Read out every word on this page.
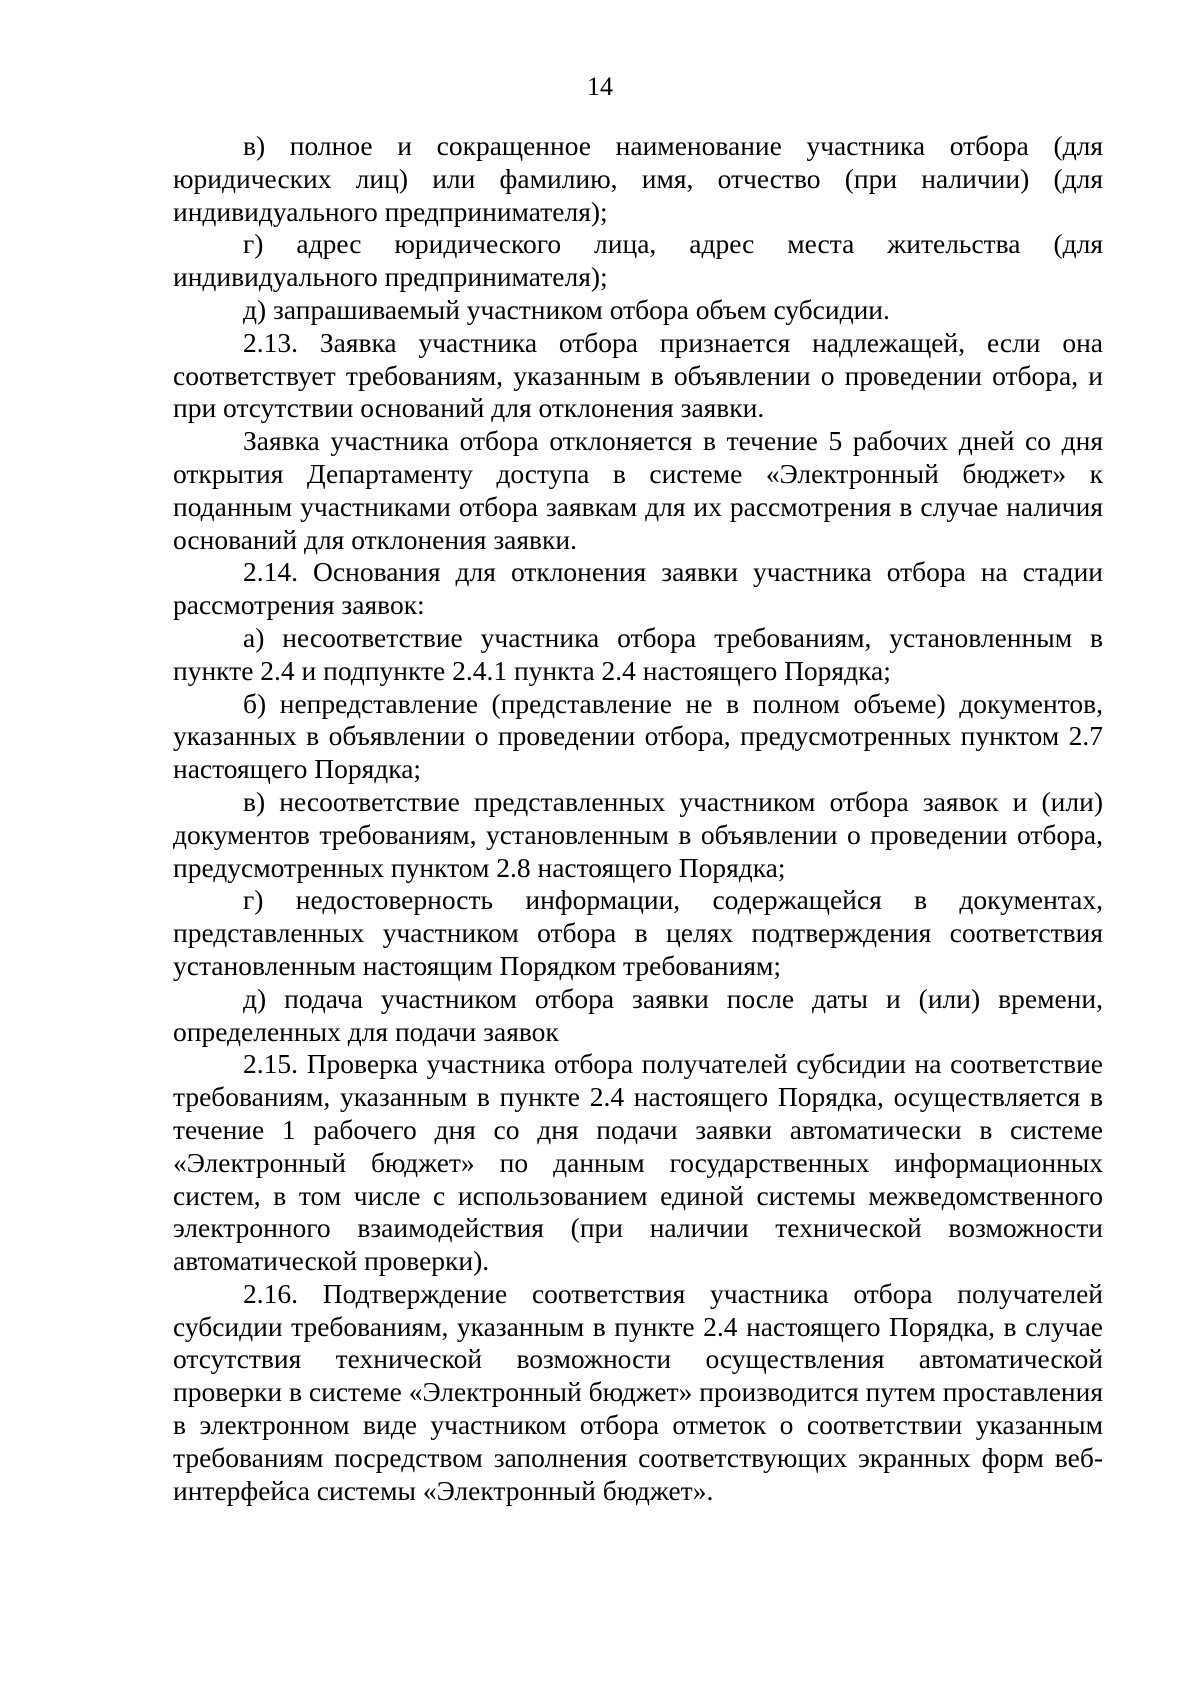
14

в) полное и сокращенное наименование участника отбора (для юридических лиц) или фамилию, имя, отчество (при наличии) (для индивидуального предпринимателя);

г) адрес юридического лица, адрес места жительства (для индивидуального предпринимателя);

д) запрашиваемый участником отбора объем субсидии.

2.13. Заявка участника отбора признается надлежащей, если она соответствует требованиям, указанным в объявлении о проведении отбора, и при отсутствии оснований для отклонения заявки.

Заявка участника отбора отклоняется в течение 5 рабочих дней со дня открытия Департаменту доступа в системе «Электронный бюджет» к поданным участниками отбора заявкам для их рассмотрения в случае наличия оснований для отклонения заявки.

2.14. Основания для отклонения заявки участника отбора на стадии рассмотрения заявок:

а) несоответствие участника отбора требованиям, установленным в пункте 2.4 и подпункте 2.4.1 пункта 2.4 настоящего Порядка;

б) непредставление (представление не в полном объеме) документов, указанных в объявлении о проведении отбора, предусмотренных пунктом 2.7 настоящего Порядка;

в) несоответствие представленных участником отбора заявок и (или) документов требованиям, установленным в объявлении о проведении отбора, предусмотренных пунктом 2.8 настоящего Порядка;

г) недостоверность информации, содержащейся в документах, представленных участником отбора в целях подтверждения соответствия установленным настоящим Порядком требованиям;

д) подача участником отбора заявки после даты и (или) времени, определенных для подачи заявок

2.15. Проверка участника отбора получателей субсидии на соответствие требованиям, указанным в пункте 2.4 настоящего Порядка, осуществляется в течение 1 рабочего дня со дня подачи заявки автоматически в системе «Электронный бюджет» по данным государственных информационных систем, в том числе с использованием единой системы межведомственного электронного взаимодействия (при наличии технической возможности автоматической проверки).

2.16. Подтверждение соответствия участника отбора получателей субсидии требованиям, указанным в пункте 2.4 настоящего Порядка, в случае отсутствия технической возможности осуществления автоматической проверки в системе «Электронный бюджет» производится путем проставления в электронном виде участником отбора отметок о соответствии указанным требованиям посредством заполнения соответствующих экранных форм веб-интерфейса системы «Электронный бюджет».
